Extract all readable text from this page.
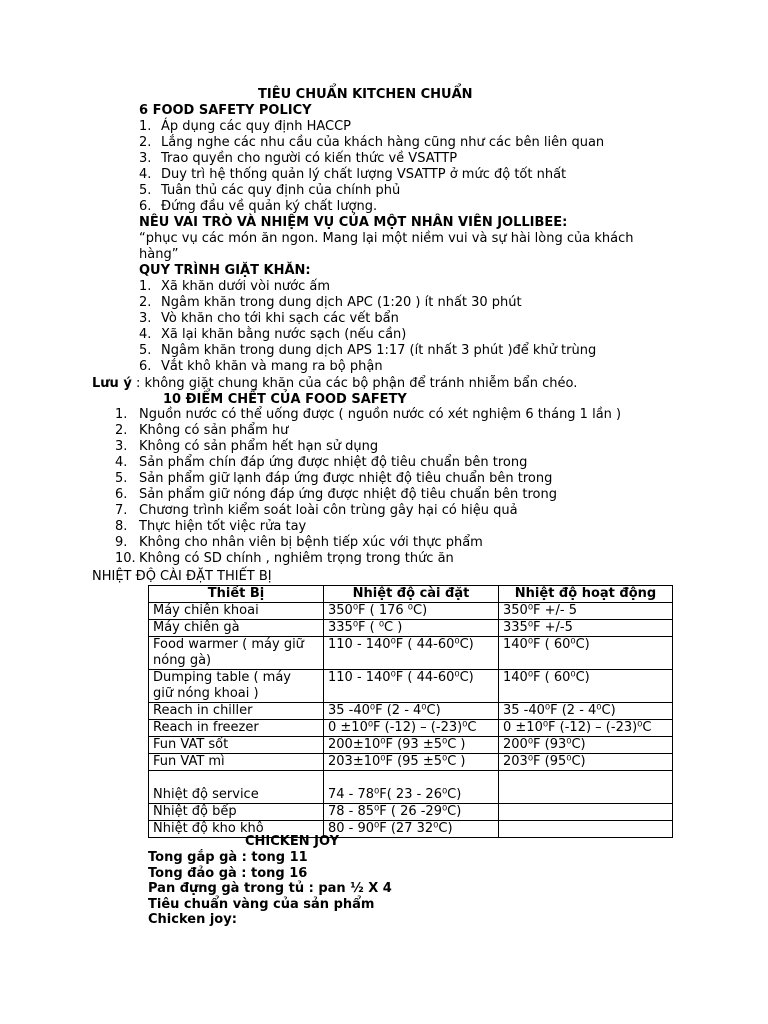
TIÊU CHUẨN KITCHEN CHUẨN
6 FOOD SAFETY POLICY
1. Áp dụng các quy định HACCP
2. Lắng nghe các nhu cầu của khách hàng cũng như các bên liên quan
3. Trao quyền cho người có kiến thức về VSATTP
4. Duy trì hệ thống quản lý chất lượng VSATTP ở mức độ tốt nhất
5. Tuân thủ các quy định của chính phủ
6. Đứng đầu về quản ký chất lượng.
NÊU VAI TRÒ VÀ NHIỆM VỤ CỦA MỘT NHÂN VIÊN JOLLIBEE:
“phục vụ các món ăn ngon. Mang lại một niềm vui và sự hài lòng của khách
hàng”
QUY TRÌNH GIẶT KHĂN:
1. Xã khăn dưới vòi nước ấm
2. Ngâm khăn trong dung dịch APC (1:20 ) ít nhất 30 phút
3. Vò khăn cho tới khi sạch các vết bẩn
4. Xã lại khăn bằng nước sạch (nếu cần)
5. Ngâm khăn trong dung dịch APS 1:17 (ít nhất 3 phút )để khử trùng
6. Vắt khô khăn và mang ra bộ phận
Lưu ý : không giặt chung khăn của các bộ phận để tránh nhiễm bẩn chéo.
10 ĐIỂM CHẾT CỦA FOOD SAFETY
1. Nguồn nước có thể uống được ( nguồn nước có xét nghiệm 6 tháng 1 lần )
2. Không có sản phẩm hư
3. Không có sản phẩm hết hạn sử dụng
4. Sản phẩm chín đáp ứng được nhiệt độ tiêu chuẩn bên trong
5. Sản phẩm giữ lạnh đáp ứng được nhiệt độ tiêu chuẩn bên trong
6. Sản phẩm giữ nóng đáp ứng được nhiệt độ tiêu chuẩn bên trong
7. Chương trình kiểm soát loài côn trùng gây hại có hiệu quả
8. Thực hiện tốt việc rửa tay
9. Không cho nhân viên bị bệnh tiếp xúc với thực phẩm
10. Không có SD chính , nghiêm trọng trong thức ăn
NHIỆT ĐỘ CÀI ĐẶT THIẾT BỊ
Thiết Bị	Nhiệt độ cài đặt	Nhiệt độ hoạt động
Máy chiên khoai	350⁰F ( 176 ⁰C)	350⁰F +/- 5
Máy chiên gà	335⁰F ( ⁰C )	335⁰F +/-5
Food warmer ( máy giữ
nóng gà)	110 - 140⁰F ( 44-60⁰C)	140⁰F ( 60⁰C)
Dumping table ( máy
giữ nóng khoai )	110 - 140⁰F ( 44-60⁰C)	140⁰F ( 60⁰C)
Reach in chiller	35 -40⁰F (2 - 4⁰C)	35 -40⁰F (2 - 4⁰C)
Reach in freezer	0 ±10⁰F (-12) – (-23)⁰C	0 ±10⁰F (-12) – (-23)⁰C
Fun VAT sốt	200±10⁰F (93 ±5⁰C )	200⁰F (93⁰C)
Fun VAT mì	203±10⁰F (95 ±5⁰C )	203⁰F (95⁰C)

Nhiệt độ service	74 - 78⁰F( 23 - 26⁰C)	
Nhiệt độ bếp	78 - 85⁰F ( 26 -29⁰C)	
Nhiệt độ kho khô	80 - 90⁰F (27 32⁰C)	
CHICKEN JOY
Tong gắp gà : tong 11
Tong đảo gà : tong 16
Pan đựng gà trong tủ : pan ½ X 4
Tiêu chuẩn vàng của sản phẩm
Chicken joy:
